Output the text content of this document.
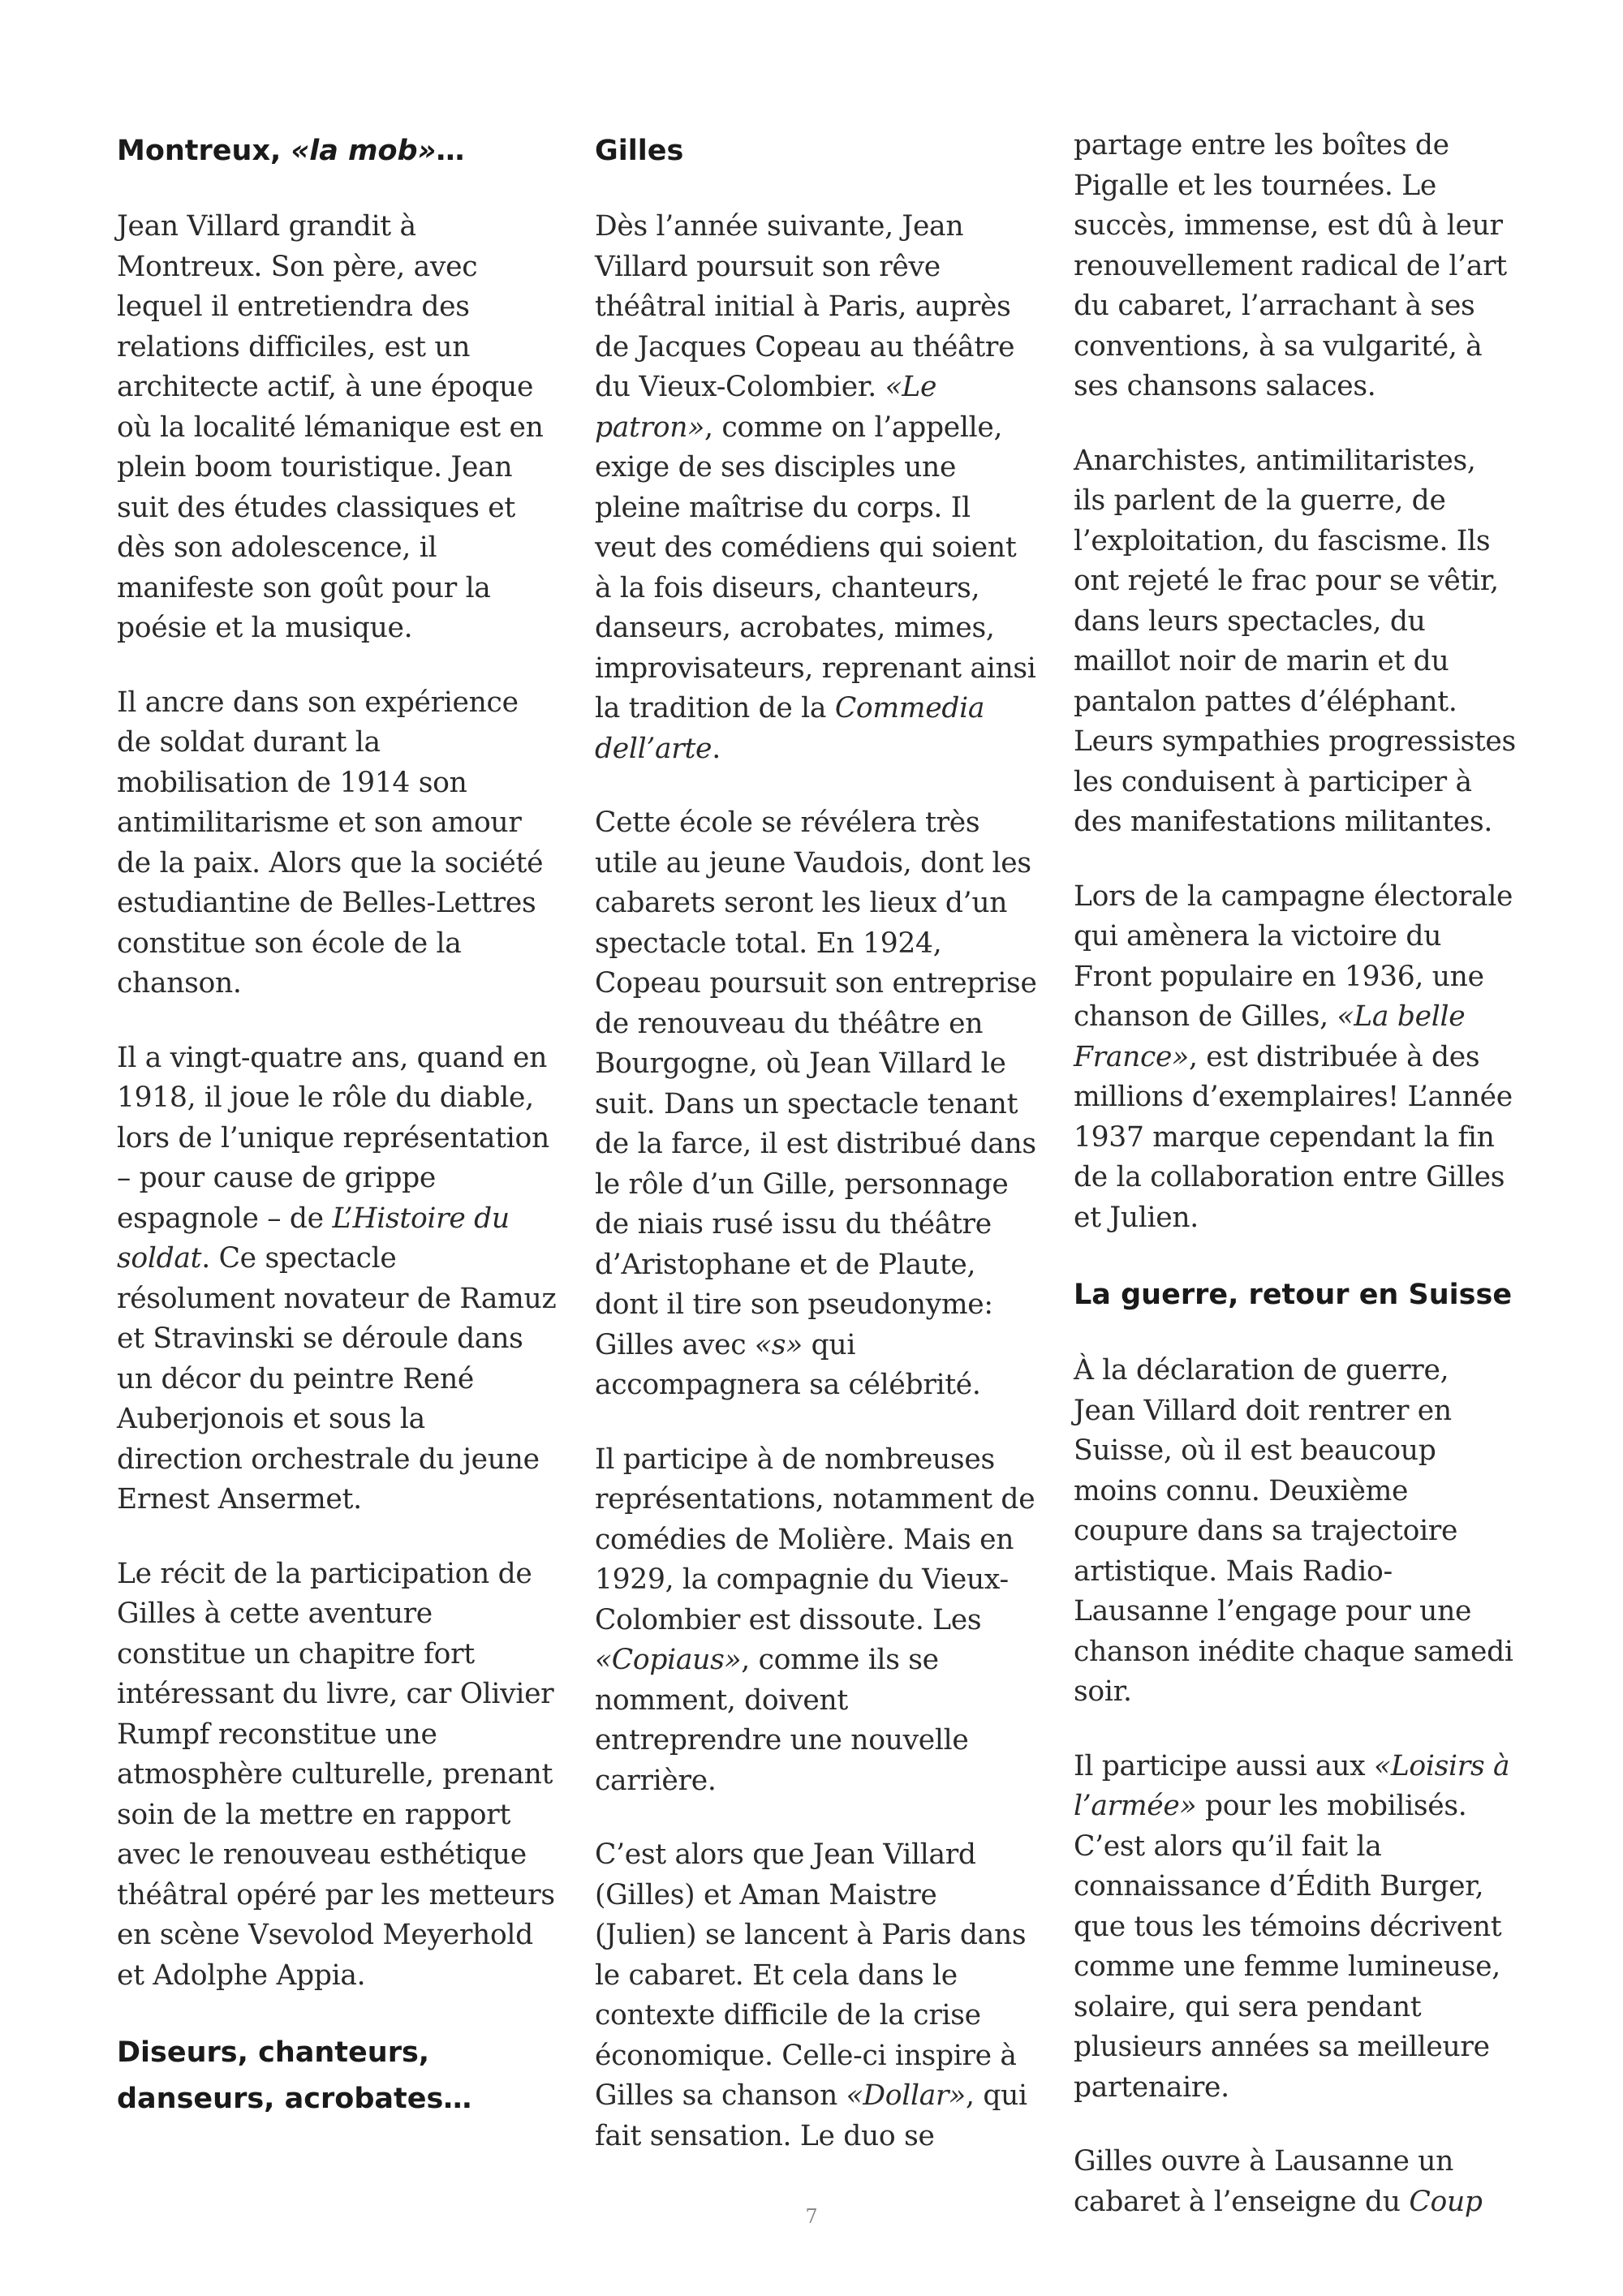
Montreux, «la mob»…

Jean Villard grandit à Montreux. Son père, avec lequel il entretiendra des relations difficiles, est un architecte actif, à une époque où la localité lémanique est en plein boom touristique. Jean suit des études classiques et dès son adolescence, il manifeste son goût pour la poésie et la musique.

Il ancre dans son expérience de soldat durant la mobilisation de 1914 son antimilitarisme et son amour de la paix. Alors que la société estudiantine de Belles-Lettres constitue son école de la chanson.

Il a vingt-quatre ans, quand en 1918, il joue le rôle du diable, lors de l’unique représentation – pour cause de grippe espagnole – de L’Histoire du soldat. Ce spectacle résolument novateur de Ramuz et Stravinski se déroule dans un décor du peintre René Auberjonois et sous la direction orchestrale du jeune Ernest Ansermet.

Le récit de la participation de Gilles à cette aventure constitue un chapitre fort intéressant du livre, car Olivier Rumpf reconstitue une atmosphère culturelle, prenant soin de la mettre en rapport avec le renouveau esthétique théâtral opéré par les metteurs en scène Vsevolod Meyerhold et Adolphe Appia.

Diseurs, chanteurs, danseurs, acrobates…
Gilles

Dès l’année suivante, Jean Villard poursuit son rêve théâtral initial à Paris, auprès de Jacques Copeau au théâtre du Vieux-Colombier. «Le patron», comme on l’appelle, exige de ses disciples une pleine maîtrise du corps. Il veut des comédiens qui soient à la fois diseurs, chanteurs, danseurs, acrobates, mimes, improvisateurs, reprenant ainsi la tradition de la Commedia dell’arte.

Cette école se révélera très utile au jeune Vaudois, dont les cabarets seront les lieux d’un spectacle total. En 1924, Copeau poursuit son entreprise de renouveau du théâtre en Bourgogne, où Jean Villard le suit. Dans un spectacle tenant de la farce, il est distribué dans le rôle d’un Gille, personnage de niais rusé issu du théâtre d’Aristophane et de Plaute, dont il tire son pseudonyme: Gilles avec «s» qui accompagnera sa célébrité.

Il participe à de nombreuses représentations, notamment de comédies de Molière. Mais en 1929, la compagnie du Vieux-Colombier est dissoute. Les «Copiaus», comme ils se nomment, doivent entreprendre une nouvelle carrière.

C’est alors que Jean Villard (Gilles) et Aman Maistre (Julien) se lancent à Paris dans le cabaret. Et cela dans le contexte difficile de la crise économique. Celle-ci inspire à Gilles sa chanson «Dollar», qui fait sensation. Le duo se

partage entre les boîtes de Pigalle et les tournées. Le succès, immense, est dû à leur renouvellement radical de l’art du cabaret, l’arrachant à ses conventions, à sa vulgarité, à ses chansons salaces.

Anarchistes, antimilitaristes, ils parlent de la guerre, de l’exploitation, du fascisme. Ils ont rejeté le frac pour se vêtir, dans leurs spectacles, du maillot noir de marin et du pantalon pattes d’éléphant. Leurs sympathies progressistes les conduisent à participer à des manifestations militantes.

Lors de la campagne électorale qui amènera la victoire du Front populaire en 1936, une chanson de Gilles, «La belle France», est distribuée à des millions d’exemplaires! L’année 1937 marque cependant la fin de la collaboration entre Gilles et Julien.

La guerre, retour en Suisse

À la déclaration de guerre, Jean Villard doit rentrer en Suisse, où il est beaucoup moins connu. Deuxième coupure dans sa trajectoire artistique. Mais Radio-Lausanne l’engage pour une chanson inédite chaque samedi soir.

Il participe aussi aux «Loisirs à l’armée» pour les mobilisés. C’est alors qu’il fait la connaissance d’Édith Burger, que tous les témoins décrivent comme une femme lumineuse, solaire, qui sera pendant plusieurs années sa meilleure partenaire.

Gilles ouvre à Lausanne un cabaret à l’enseigne du Coup

7
